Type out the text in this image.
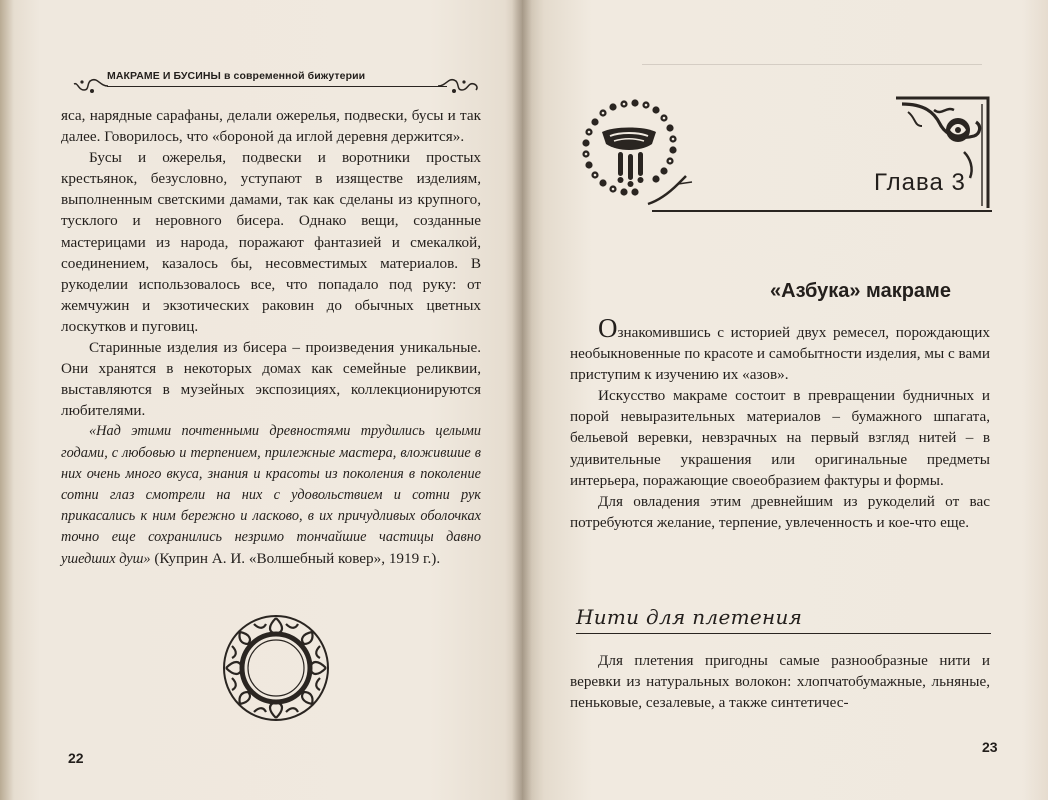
МАКРАМЕ И БУСИНЫ в современной бижутерии

яса, нарядные сарафаны, делали ожерелья, подвески, бусы и так далее. Говорилось, что «бороной да иглой деревня держится».

Бусы и ожерелья, подвески и воротники простых крестьянок, безусловно, уступают в изяществе изделиям, выполненным светскими дамами, так как сделаны из крупного, тусклого и неровного бисера. Однако вещи, созданные мастерицами из народа, поражают фантазией и смекалкой, соединением, казалось бы, несовместимых материалов. В рукоделии использовалось все, что попадало под руку: от жемчужин и экзотических раковин до обычных цветных лоскутков и пуговиц.

Старинные изделия из бисера – произведения уникальные. Они хранятся в некоторых домах как семейные реликвии, выставляются в музейных экспозициях, коллекционируются любителями.

«Над этими почтенными древностями трудились целыми годами, с любовью и терпением, прилежные мастера, вложившие в них очень много вкуса, знания и красоты из поколения в поколение сотни глаз смотрели на них с удовольствием и сотни рук прикасались к ним бережно и ласково, в их причудливых оболочках точно еще сохранились незримо тончайшие частицы давно ушедших душ» (Куприн А. И. «Волшебный ковер», 1919 г.).

22
Глава 3
«Азбука» макраме

Ознакомившись с историей двух ремесел, порождающих необыкновенные по красоте и самобытности изделия, мы с вами приступим к изучению их «азов».

Искусство макраме состоит в превращении будничных и порой невыразительных материалов – бумажного шпагата, бельевой веревки, невзрачных на первый взгляд нитей – в удивительные украшения или оригинальные предметы интерьера, поражающие своеобразием фактуры и формы.

Для овладения этим древнейшим из рукоделий от вас потребуются желание, терпение, увлеченность и кое-что еще.

Нити для плетения

Для плетения пригодны самые разнообразные нити и веревки из натуральных волокон: хлопчатобумажные, льняные, пеньковые, сезалевые, а также синтетичес-

23
